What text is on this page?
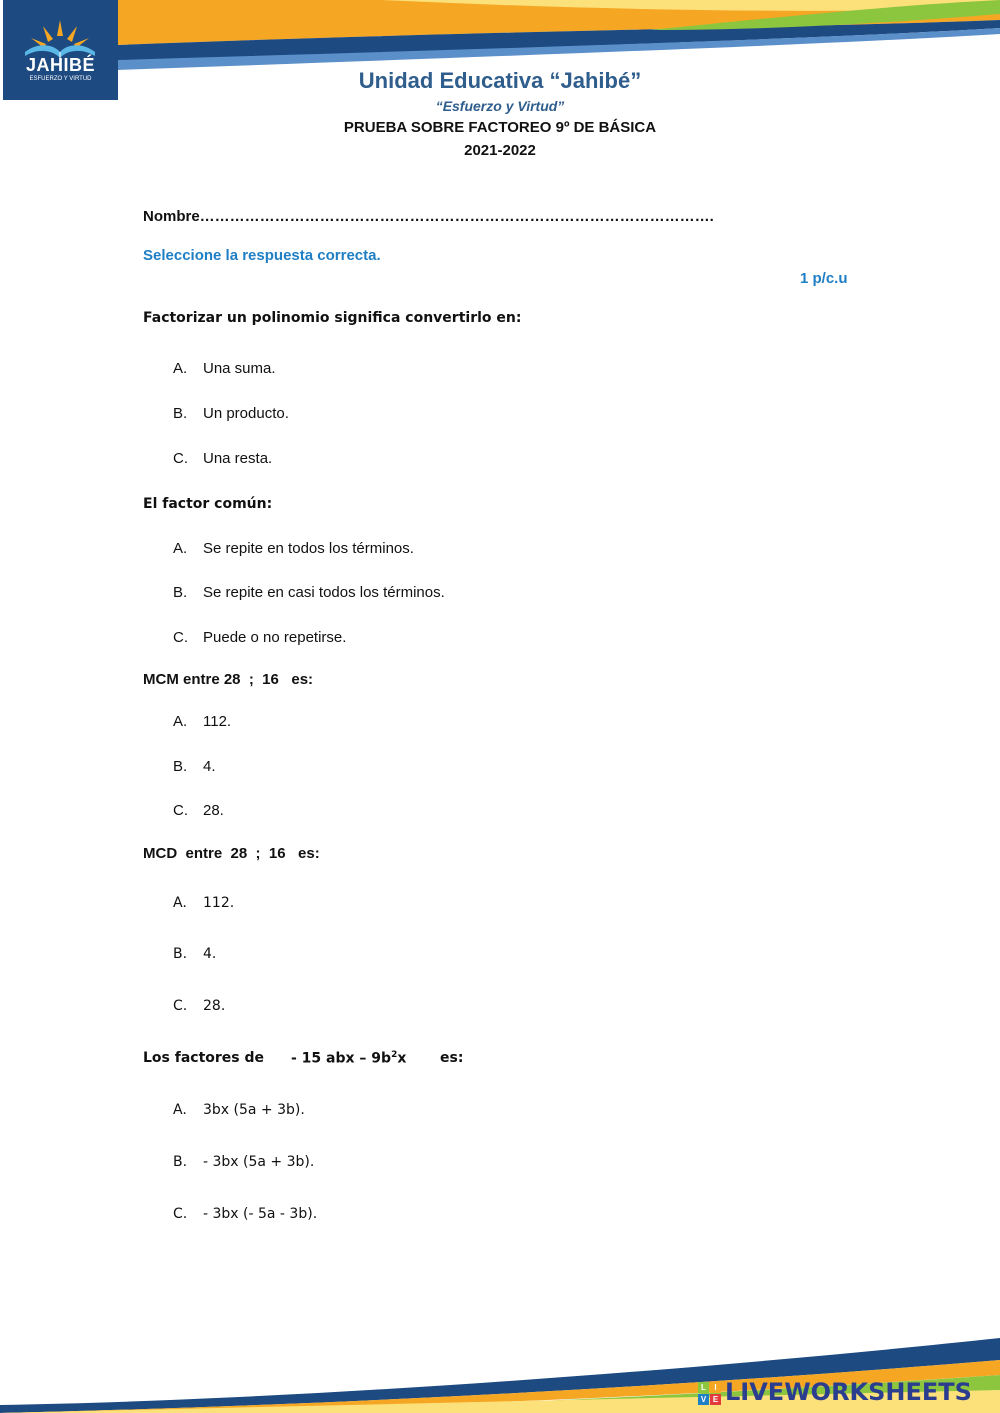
JAHIBÉ
ESFUERZO Y VIRTUD	Unidad Educativa “Jahibé”
“Esfuerzo y Virtud”
PRUEBA SOBRE FACTOREO 9º DE BÁSICA
2021-2022
Nombre………………………………………………………………………………………….
Seleccione la respuesta correcta.
1 p/c.u
Factorizar un polinomio significa convertirlo en:
A.	Una suma.
B.	Un producto.
C.	Una resta.
El factor común:
A.	Se repite en todos los términos.
B.	Se repite en casi todos los términos.
C.	Puede o no repetirse.
MCM entre 28  ;  16   es:
A.	112.
B.	4.
C.	28.
MCD  entre  28  ;  16   es:
A.	112.
B.	4.
C.	28.
Los factores de - 15 abx – $9b^2x$ es:
A.	3bx (5a + 3b).
B.	- 3bx (5a + 3b).
C.	- 3bx (- 5a - 3b).
L	I
V E LIVEWORKSHEETS
